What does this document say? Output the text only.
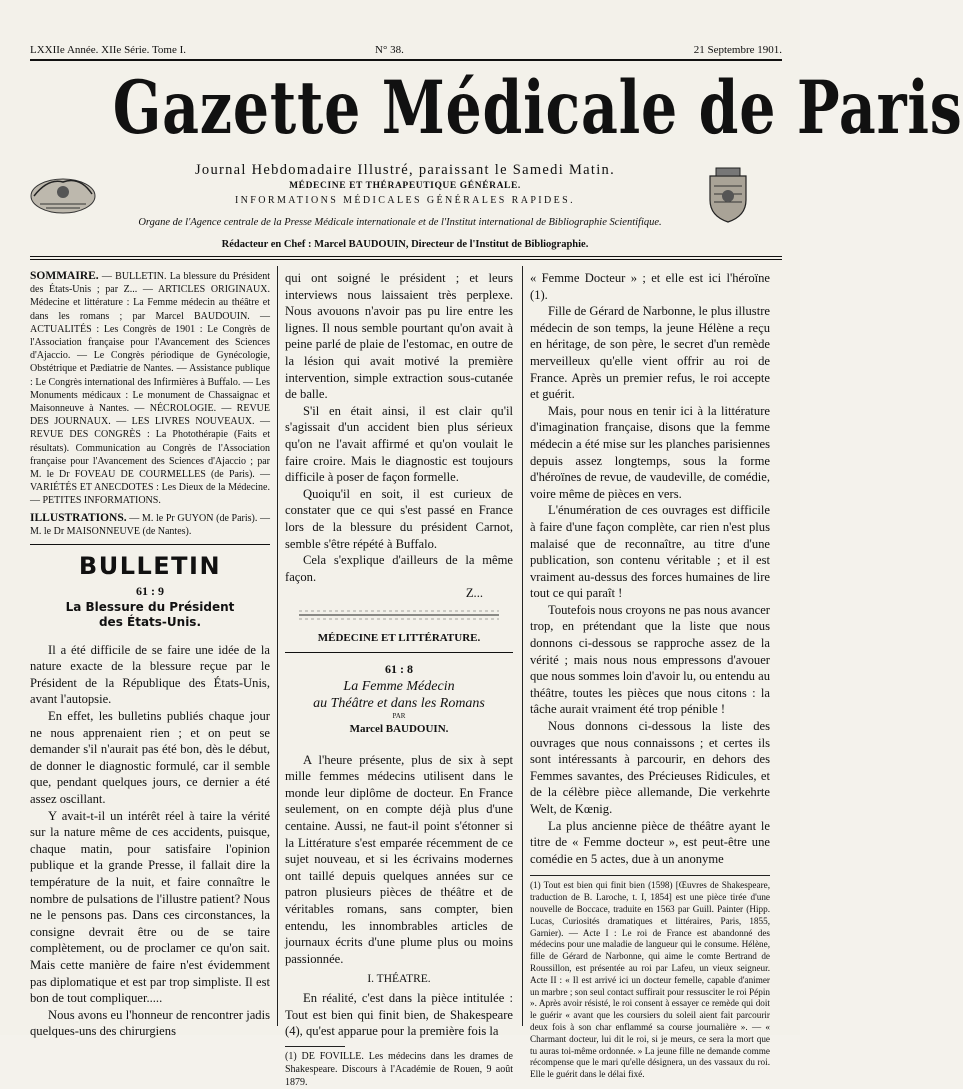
LXXIIe Année. XIIe Série. Tome I.	N° 38.	21 Septembre 1901.
Gazette Médicale de Paris
Journal Hebdomadaire Illustré, paraissant le Samedi Matin.
MÉDECINE ET THÉRAPEUTIQUE GÉNÉRALE.
INFORMATIONS MÉDICALES GÉNÉRALES RAPIDES.
Organe de l'Agence centrale de la Presse Médicale internationale et de l'Institut international de Bibliographie Scientifique.
Rédacteur en Chef : Marcel BAUDOUIN, Directeur de l'Institut de Bibliographie.
SOMMAIRE. — BULLETIN. La blessure du Président des États-Unis ; par Z... — ARTICLES ORIGINAUX. Médecine et littérature : La Femme médecin au théâtre et dans les romans ; par Marcel BAUDOUIN. — ACTUALITÉS : Les Congrès de 1901 : Le Congrès de l'Association française pour l'Avancement des Sciences d'Ajaccio. — Le Congrès périodique de Gynécologie, Obstétrique et Pædiatrie de Nantes. — Assistance publique : Le Congrès international des Infirmières à Buffalo. — Les Monuments médicaux : Le monument de Chassaignac et Maisonneuve à Nantes. — NÉCROLOGIE. — REVUE DES JOURNAUX. — LES LIVRES NOUVEAUX. — REVUE DES CONGRÈS : La Photothérapie (Faits et résultats). Communication au Congrès de l'Association française pour l'Avancement des Sciences d'Ajaccio ; par M. le Dr FOVEAU DE COURMELLES (de Paris). — VARIÉTÉS ET ANECDOTES : Les Dieux de la Médecine. — PETITES INFORMATIONS.
ILLUSTRATIONS. — M. le Pr GUYON (de Paris). — M. le Dr MAISONNEUVE (de Nantes).
BULLETIN
61 : 9
La Blessure du Président des États-Unis.

Il a été difficile de se faire une idée de la nature exacte de la blessure reçue par le Président de la République des États-Unis, avant l'autopsie.

En effet, les bulletins publiés chaque jour ne nous apprenaient rien ; et on peut se demander s'il n'aurait pas été bon, dès le début, de donner le diagnostic formulé, car il semble que, pendant quelques jours, ce dernier a été assez oscillant.

Y avait-t-il un intérêt réel à taire la vérité sur la nature même de ces accidents, puisque, chaque matin, pour satisfaire l'opinion publique et la grande Presse, il fallait dire la température de la nuit, et faire connaître le nombre de pulsations de l'illustre patient? Nous ne le pensons pas. Dans ces circonstances, la consigne devrait être ou de se taire complètement, ou de proclamer ce qu'on sait. Mais cette manière de faire n'est évidemment pas diplomatique et est par trop simpliste. Il est bon de tout compliquer.....

Nous avons eu l'honneur de rencontrer jadis quelques-uns des chirurgiens

qui ont soigné le président ; et leurs interviews nous laissaient très perplexe. Nous avouons n'avoir pas pu lire entre les lignes. Il nous semble pourtant qu'on avait à peine parlé de plaie de l'estomac, en outre de la lésion qui avait motivé la première intervention, simple extraction sous-cutanée de balle.

S'il en était ainsi, il est clair qu'il s'agissait d'un accident bien plus sérieux qu'on ne l'avait affirmé et qu'on voulait le faire croire. Mais le diagnostic est toujours difficile à poser de façon formelle.

Quoiqu'il en soit, il est curieux de constater que ce qui s'est passé en France lors de la blessure du président Carnot, semble s'être répété à Buffalo.

Cela s'explique d'ailleurs de la même façon.

Z...
MÉDECINE ET LITTÉRATURE.
61 : 8
La Femme Médecin
au Théâtre et dans les Romans
PAR
Marcel BAUDOUIN.

A l'heure présente, plus de six à sept mille femmes médecins utilisent dans le monde leur diplôme de docteur. En France seulement, on en compte déjà plus d'une centaine. Aussi, ne faut-il point s'étonner si la Littérature s'est emparée récemment de ce sujet nouveau, et si les écrivains modernes ont taillé depuis quelques années sur ce patron plusieurs pièces de théâtre et de véritables romans, sans compter, bien entendu, les innombrables articles de journaux écrits d'une plume plus ou moins passionnée.

I. THÉATRE.

En réalité, c'est dans la pièce intitulée : Tout est bien qui finit bien, de Shakespeare (4), qu'est apparue pour la première fois la

(1) DE FOVILLE. Les médecins dans les drames de Shakespeare. Discours à l'Académie de Rouen, 9 août 1879.

« Femme Docteur » ; et elle est ici l'héroïne (1).

Fille de Gérard de Narbonne, le plus illustre médecin de son temps, la jeune Hélène a reçu en héritage, de son père, le secret d'un remède merveilleux qu'elle vient offrir au roi de France. Après un premier refus, le roi accepte et guérit.

Mais, pour nous en tenir ici à la littérature d'imagination française, disons que la femme médecin a été mise sur les planches parisiennes depuis assez longtemps, sous la forme d'héroïnes de revue, de vaudeville, de comédie, voire même de pièces en vers.

L'énumération de ces ouvrages est difficile à faire d'une façon complète, car rien n'est plus malaisé que de reconnaître, au titre d'une publication, son contenu véritable ; et il est vraiment au-dessus des forces humaines de lire tout ce qui paraît !

Toutefois nous croyons ne pas nous avancer trop, en prétendant que la liste que nous donnons ci-dessous se rapproche assez de la vérité ; mais nous nous empressons d'avouer que nous sommes loin d'avoir lu, ou entendu au théâtre, toutes les pièces que nous citons : la tâche aurait vraiment été trop pénible !

Nous donnons ci-dessous la liste des ouvrages que nous connaissons ; et certes ils sont intéressants à parcourir, en dehors des Femmes savantes, des Précieuses Ridicules, et de la célèbre pièce allemande, Die verkehrte Welt, de Kœnig.

La plus ancienne pièce de théâtre ayant le titre de « Femme docteur », est peut-être une comédie en 5 actes, due à un anonyme

(1) Tout est bien qui finit bien (1598) [Œuvres de Shakespeare, traduction de B. Laroche, t. I, 1854] est une pièce tirée d'une nouvelle de Boccace, traduite en 1563 par Guill. Painter (Hipp. Lucas, Curiosités dramatiques et littéraires, Paris, 1855, Garnier). — Acte I : Le roi de France est abandonné des médecins pour une maladie de langueur qui le consume. Hélène, fille de Gérard de Narbonne, qui aime le comte Bertrand de Roussillon, est présentée au roi par Lafeu, un vieux seigneur. Acte II : « Il est arrivé ici un docteur femelle, capable d'animer un marbre ; son seul contact suffirait pour ressusciter le roi Pépin ». Après avoir résisté, le roi consent à essayer ce remède qui doit le guérir « avant que les coursiers du soleil aient fait parcourir deux fois à son char enflammé sa course journalière ». — « Charmant docteur, lui dit le roi, si je meurs, ce sera la mort que tu auras toi-même ordonnée. » La jeune fille ne demande comme récompense que le mari qu'elle désignera, un des vassaux du roi. Elle le guérit dans le délai fixé.
